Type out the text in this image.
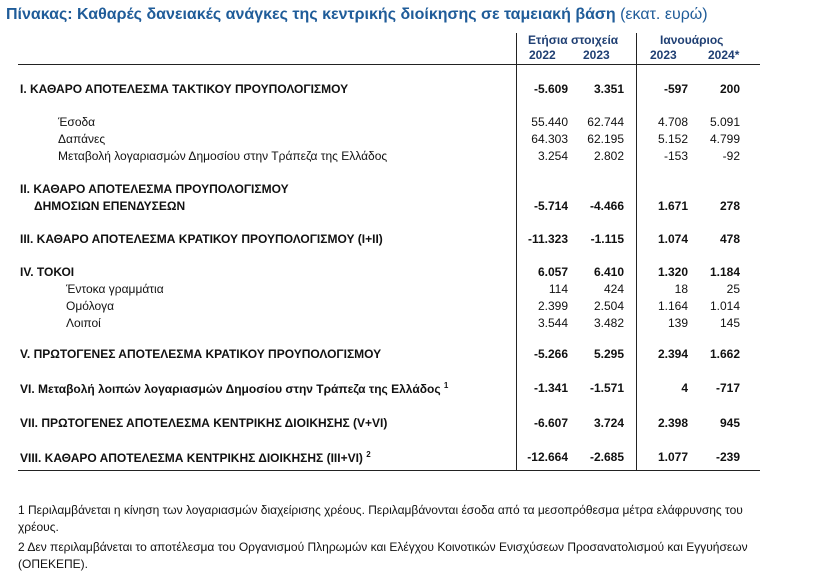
Πίνακας: Καθαρές δανειακές ανάγκες της κεντρικής διοίκησης σε ταμειακή βάση (εκατ. ευρώ)
Ετήσια στοιχεία	Ιανουάριος
2022 2023	2023	2024*
I. ΚΑΘΑΡΟ ΑΠΟΤΕΛΕΣΜΑ ΤΑΚΤΙΚΟΥ ΠΡΟΥΠΟΛΟΓΙΣΜΟΥ	-5.609	3.351	-597	200
Έσοδα	55.440	62.744	4.708	5.091
Δαπάνες	64.303	62.195	5.152	4.799
Μεταβολή λογαριασμών Δημοσίου στην Τράπεζα της Ελλάδος	3.254	2.802	-153	-92
II. ΚΑΘΑΡΟ ΑΠΟΤΕΛΕΣΜΑ ΠΡΟΥΠΟΛΟΓΙΣΜΟΥ
ΔΗΜΟΣΙΩΝ ΕΠΕΝΔΥΣΕΩΝ	-5.714	-4.466	1.671	278
III. ΚΑΘΑΡΟ ΑΠΟΤΕΛΕΣΜΑ ΚΡΑΤΙΚΟΥ ΠΡΟΥΠΟΛΟΓΙΣΜΟΥ (I+II)	-11.323	-1.115	1.074	478
IV. ΤΟΚΟΙ	6.057	6.410	1.320	1.184
Έντοκα γραμμάτια	114	424	18	25
Ομόλογα	2.399	2.504	1.164	1.014
Λοιποί	3.544	3.482	139	145
V. ΠΡΩΤΟΓΕΝΕΣ ΑΠΟΤΕΛΕΣΜΑ ΚΡΑΤΙΚΟΥ ΠΡΟΥΠΟΛΟΓΙΣΜΟΥ	-5.266	5.295	2.394	1.662
VI. Μεταβολή λοιπών λογαριασμών Δημοσίου στην Τράπεζα της Ελλάδος $^1$	-1.341	-1.571	4	-717
VII. ΠΡΩΤΟΓΕΝΕΣ ΑΠΟΤΕΛΕΣΜΑ ΚΕΝΤΡΙΚΗΣ ΔΙΟΙΚΗΣΗΣ (V+VI)	-6.607	3.724	2.398	945
VIII. ΚΑΘΑΡΟ ΑΠΟΤΕΛΕΣΜΑ ΚΕΝΤΡΙΚΗΣ ΔΙΟΙΚΗΣΗΣ (III+VI) $^2$	-12.664	-2.685	1.077	-239
1 Περιλαμβάνεται η κίνηση των λογαριασμών διαχείρισης χρέους. Περιλαμβάνονται έσοδα από τα μεσοπρόθεσμα μέτρα ελάφρυνσης του χρέους.
2 Δεν περιλαμβάνεται το αποτέλεσμα του Οργανισμού Πληρωμών και Ελέγχου Κοινοτικών Ενισχύσεων Προσανατολισμού και Εγγυήσεων (ΟΠΕΚΕΠΕ).
